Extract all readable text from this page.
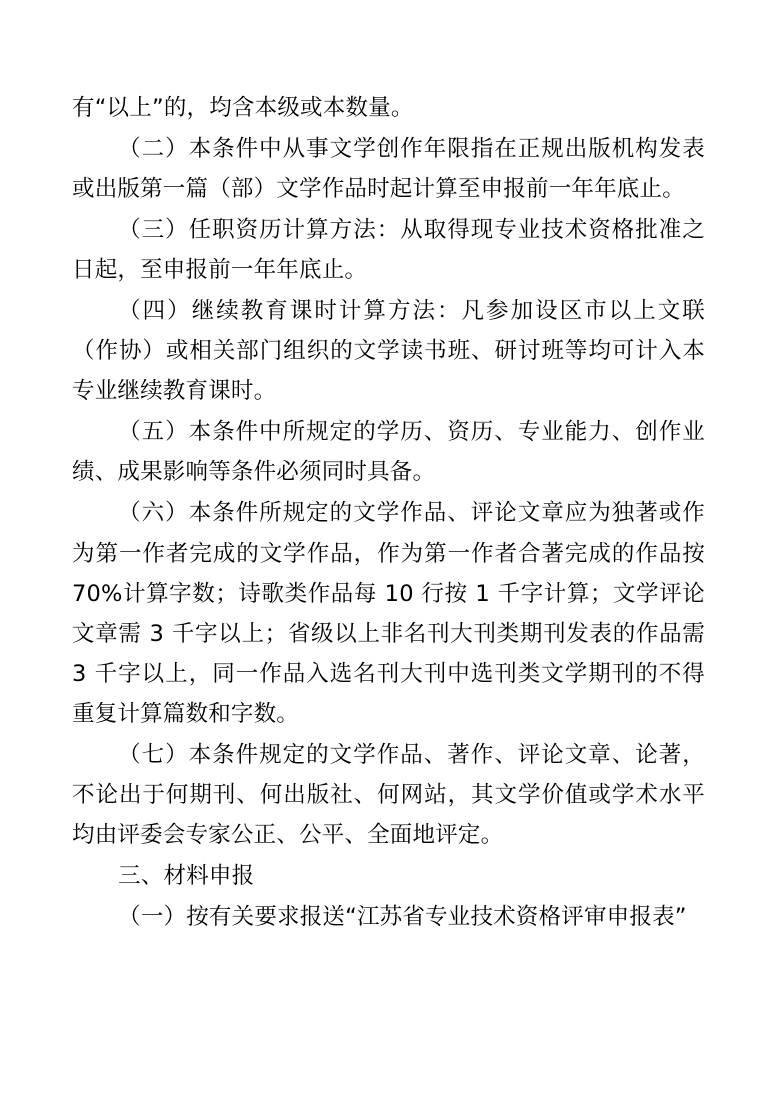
有“以上”的，均含本级或本数量。

（二）本条件中从事文学创作年限指在正规出版机构发表或出版第一篇（部）文学作品时起计算至申报前一年年底止。

（三）任职资历计算方法：从取得现专业技术资格批准之日起，至申报前一年年底止。

（四）继续教育课时计算方法：凡参加设区市以上文联（作协）或相关部门组织的文学读书班、研讨班等均可计入本专业继续教育课时。

（五）本条件中所规定的学历、资历、专业能力、创作业绩、成果影响等条件必须同时具备。

（六）本条件所规定的文学作品、评论文章应为独著或作为第一作者完成的文学作品，作为第一作者合著完成的作品按 70%计算字数；诗歌类作品每 10 行按 1 千字计算；文学评论文章需 3 千字以上；省级以上非名刊大刊类期刊发表的作品需 3 千字以上，同一作品入选名刊大刊中选刊类文学期刊的不得重复计算篇数和字数。

（七）本条件规定的文学作品、著作、评论文章、论著，不论出于何期刊、何出版社、何网站，其文学价值或学术水平均由评委会专家公正、公平、全面地评定。

三、材料申报

（一）按有关要求报送“江苏省专业技术资格评审申报表”
